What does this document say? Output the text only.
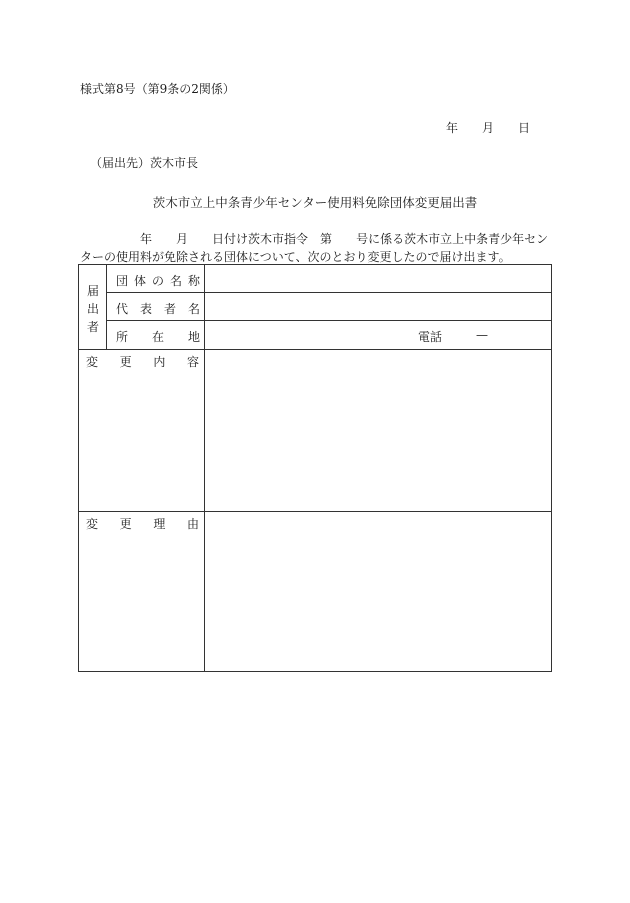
様式第8号（第9条の2関係）
年 月 日
（届出先）茨木市長
茨木市立上中条青少年センター使用料免除団体変更届出書
年 月 日付け茨木市指令 第 号に係る茨木市立上中条青少年セン
ターの使用料が免除される団体について、次のとおり変更したので届け出ます。
届
出
者
団 体 の 名 称
代 表 者 名
所 在 地	電話	—
変 更 内 容
変 更 理 由
